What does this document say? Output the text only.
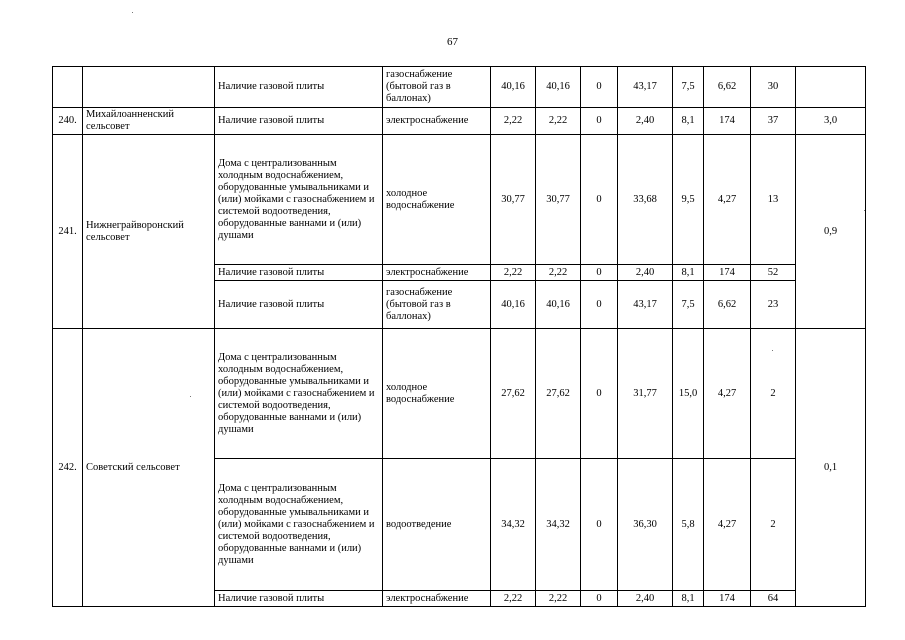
67
		Наличие газовой плиты	газоснабжение (бытовой газ в баллонах)	40,16	40,16	0	43,17	7,5	6,62	30	
240.	Михайлоанненский сельсовет	Наличие газовой плиты	электроснабжение	2,22	2,22	0	2,40	8,1	174	37	3,0
241.	Нижнеграйворонский сельсовет	Дома с централизованным холодным водоснабжением, оборудованные умывальниками и (или) мойками с газоснабжением и системой водоотведения, оборудованные ваннами и (или) душами	холодное водоснабжение	30,77	30,77	0	33,68	9,5	4,27	13	0,9
		Наличие газовой плиты	электроснабжение	2,22	2,22	0	2,40	8,1	174	52	
		Наличие газовой плиты	газоснабжение (бытовой газ в баллонах)	40,16	40,16	0	43,17	7,5	6,62	23	
242.	Советский сельсовет	Дома с централизованным холодным водоснабжением, оборудованные умывальниками и (или) мойками с газоснабжением и системой водоотведения, оборудованные ваннами и (или) душами	холодное водоснабжение	27,62	27,62	0	31,77	15,0	4,27	2	0,1
		Дома с централизованным холодным водоснабжением, оборудованные умывальниками и (или) мойками с газоснабжением и системой водоотведения, оборудованные ваннами и (или) душами	водоотведение	34,32	34,32	0	36,30	5,8	4,27	2	
		Наличие газовой плиты	электроснабжение	2,22	2,22	0	2,40	8,1	174	64	
